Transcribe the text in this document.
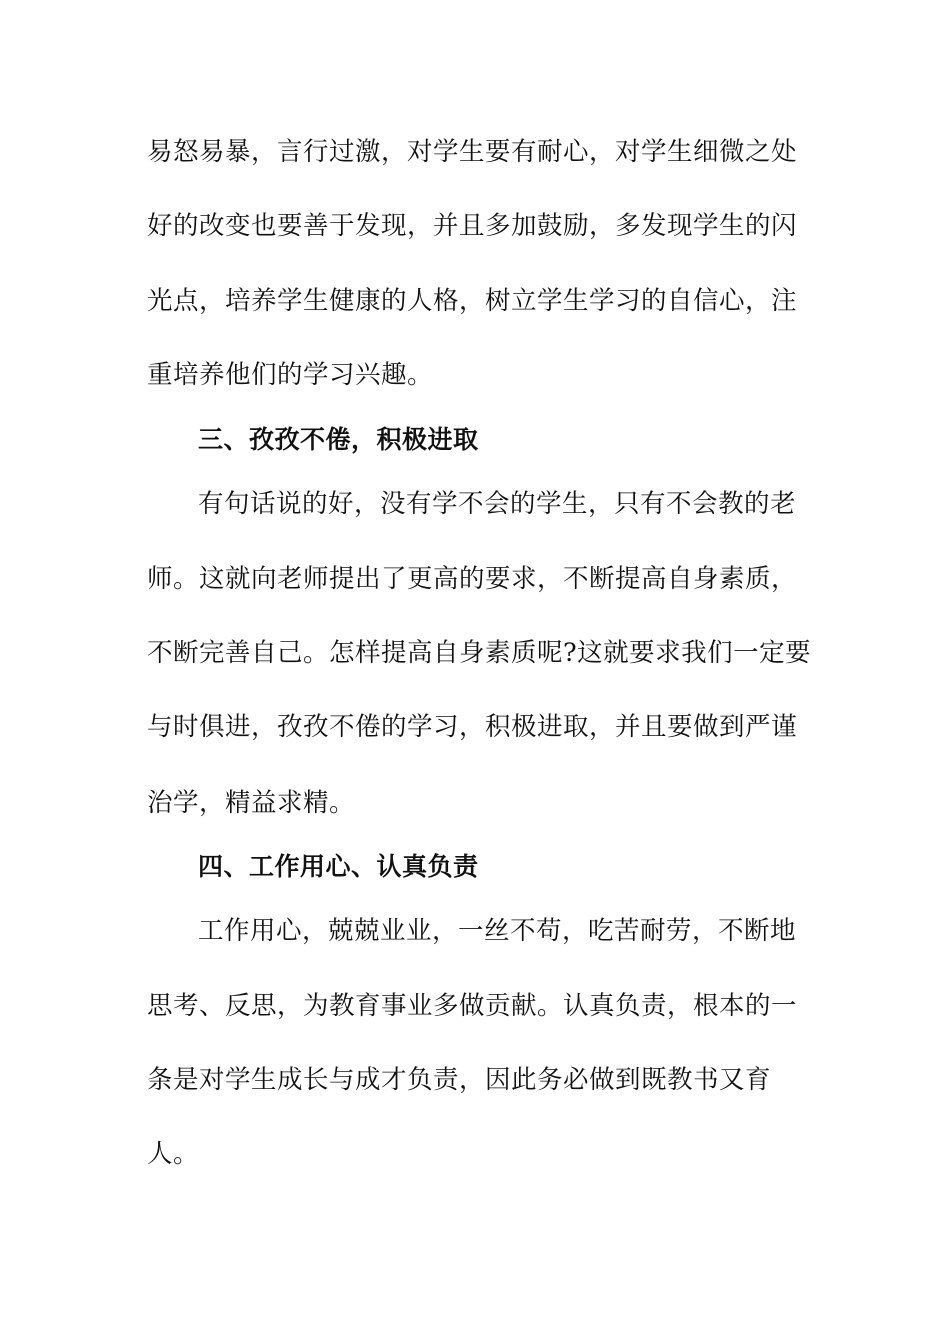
易怒易暴，言行过激，对学生要有耐心，对学生细微之处
好的改变也要善于发现，并且多加鼓励，多发现学生的闪
光点，培养学生健康的人格，树立学生学习的自信心，注
重培养他们的学习兴趣。
三、孜孜不倦，积极进取
有句话说的好，没有学不会的学生，只有不会教的老
师。这就向老师提出了更高的要求，不断提高自身素质，
不断完善自己。怎样提高自身素质呢?这就要求我们一定要
与时俱进，孜孜不倦的学习，积极进取，并且要做到严谨
治学，精益求精。
四、工作用心、认真负责
工作用心，兢兢业业，一丝不苟，吃苦耐劳，不断地
思考、反思，为教育事业多做贡献。认真负责，根本的一
条是对学生成长与成才负责，因此务必做到既教书又育
人。
